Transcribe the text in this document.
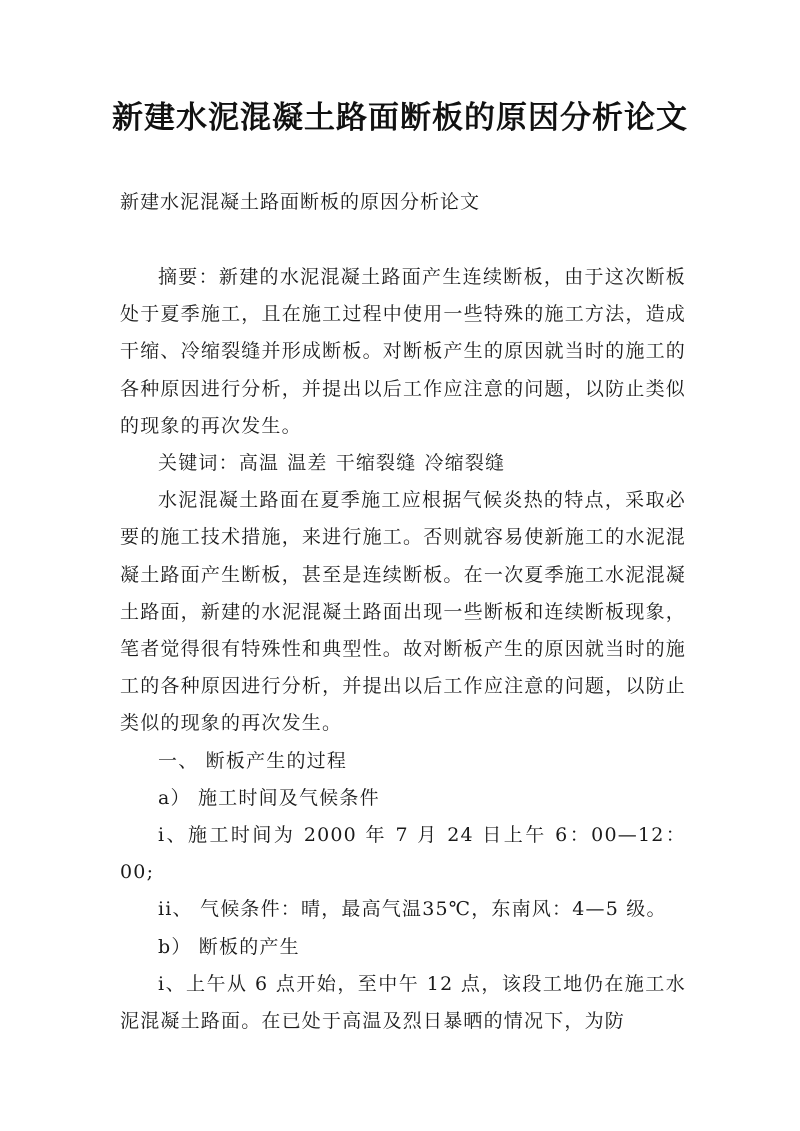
新建水泥混凝土路面断板的原因分析论文

新建水泥混凝土路面断板的原因分析论文

摘要：新建的水泥混凝土路面产生连续断板，由于这次断板处于夏季施工，且在施工过程中使用一些特殊的施工方法，造成干缩、冷缩裂缝并形成断板。对断板产生的原因就当时的施工的各种原因进行分析，并提出以后工作应注意的问题，以防止类似的现象的再次发生。

关键词：高温 温差 干缩裂缝 冷缩裂缝

水泥混凝土路面在夏季施工应根据气候炎热的特点，采取必要的施工技术措施，来进行施工。否则就容易使新施工的水泥混凝土路面产生断板，甚至是连续断板。在一次夏季施工水泥混凝土路面，新建的水泥混凝土路面出现一些断板和连续断板现象，笔者觉得很有特殊性和典型性。故对断板产生的原因就当时的施工的各种原因进行分析，并提出以后工作应注意的问题，以防止类似的现象的再次发生。

一、 断板产生的过程

a） 施工时间及气候条件

i、施工时间为 2000 年 7 月 24 日上午 6：00—12：00;

ii、 气候条件：晴，最高气温35℃，东南风：4—5 级。

b） 断板的产生

i、上午从 6 点开始，至中午 12 点，该段工地仍在施工水泥混凝土路面。在已处于高温及烈日暴晒的情况下，为防
